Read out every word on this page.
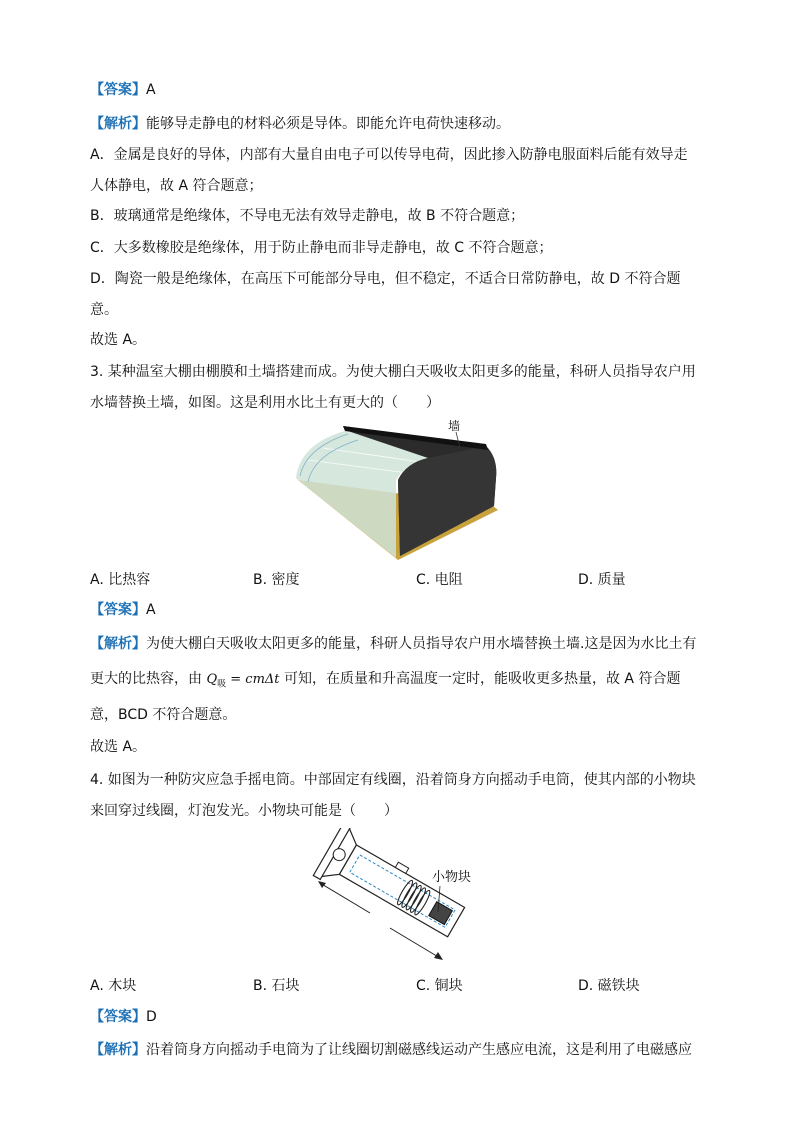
【答案】A
【解析】能够导走静电的材料必须是导体。即能允许电荷快速移动。
A．金属是良好的导体，内部有大量自由电子可以传导电荷，因此掺入防静电服面料后能有效导走
人体静电，故 A 符合题意；
B．玻璃通常是绝缘体，不导电无法有效导走静电，故 B 不符合题意；
C．大多数橡胶是绝缘体，用于防止静电而非导走静电，故 C 不符合题意；
D．陶瓷一般是绝缘体，在高压下可能部分导电，但不稳定，不适合日常防静电，故 D 不符合题
意。
故选 A。
3. 某种温室大棚由棚膜和土墙搭建而成。为使大棚白天吸收太阳更多的能量，科研人员指导农户用
水墙替换土墙，如图。这是利用水比土有更大的（　　）
墙
A. 比热容	B. 密度	C. 电阻	D. 质量
【答案】A
【解析】为使大棚白天吸收太阳更多的能量，科研人员指导农户用水墙替换土墙.这是因为水比土有
更大的比热容，由 $Q_吸 = cm\Delta t$ 可知，在质量和升高温度一定时，能吸收更多热量，故 A 符合题
意，BCD 不符合题意。
故选 A。
4. 如图为一种防灾应急手摇电筒。中部固定有线圈，沿着筒身方向摇动手电筒，使其内部的小物块
来回穿过线圈，灯泡发光。小物块可能是（　　）
小物块
A. 木块	B. 石块	C. 铜块	D. 磁铁块
【答案】D
【解析】沿着筒身方向摇动手电筒为了让线圈切割磁感线运动产生感应电流，这是利用了电磁感应
